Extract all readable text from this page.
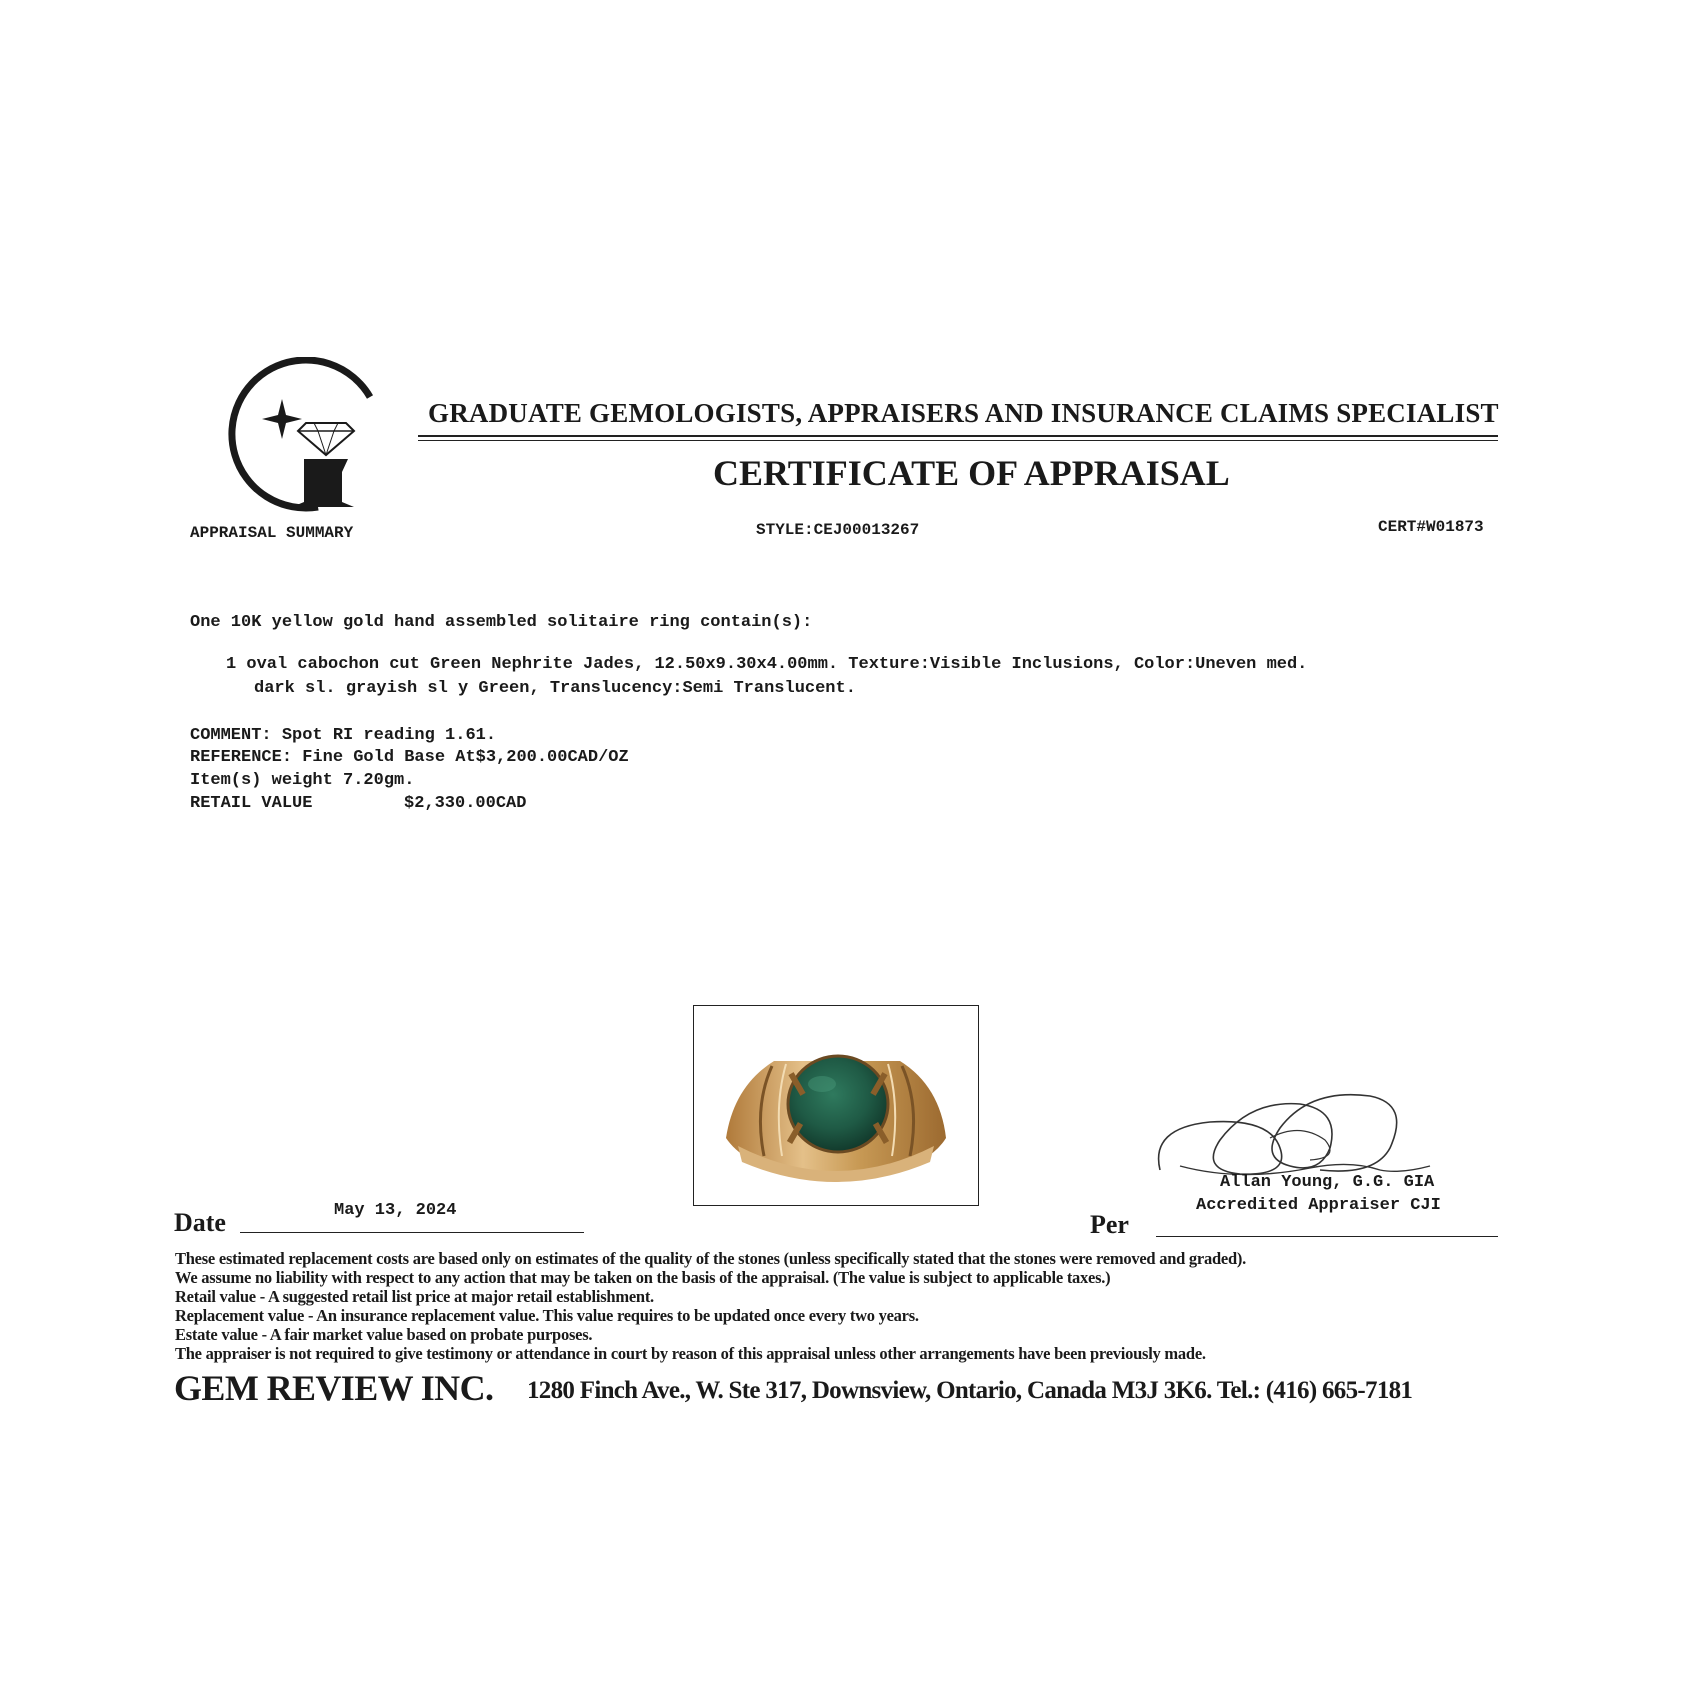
GRADUATE GEMOLOGISTS, APPRAISERS AND INSURANCE CLAIMS SPECIALIST
CERTIFICATE OF APPRAISAL
APPRAISAL SUMMARY	STYLE:CEJ00013267	CERT#W01873
One 10K yellow gold hand assembled solitaire ring contain(s):
1 oval cabochon cut Green Nephrite Jades, 12.50x9.30x4.00mm. Texture:Visible Inclusions, Color:Uneven med.
dark sl. grayish sl y Green, Translucency:Semi Translucent.
COMMENT: Spot RI reading 1.61.
REFERENCE: Fine Gold Base At$3,200.00CAD/OZ
Item(s) weight 7.20gm.
RETAIL VALUE	$2,330.00CAD
Date	May 13, 2024
Allan Young, G.G. GIA
Accredited Appraiser CJI
Per
These estimated replacement costs are based only on estimates of the quality of the stones (unless specifically stated that the stones were removed and graded).
We assume no liability with respect to any action that may be taken on the basis of the appraisal. (The value is subject to applicable taxes.)
Retail value - A suggested retail list price at major retail establishment.
Replacement value - An insurance replacement value. This value requires to be updated once every two years.
Estate value - A fair market value based on probate purposes.
The appraiser is not required to give testimony or attendance in court by reason of this appraisal unless other arrangements have been previously made.
GEM REVIEW INC. 1280 Finch Ave., W. Ste 317, Downsview, Ontario, Canada M3J 3K6. Tel.: (416) 665-7181
